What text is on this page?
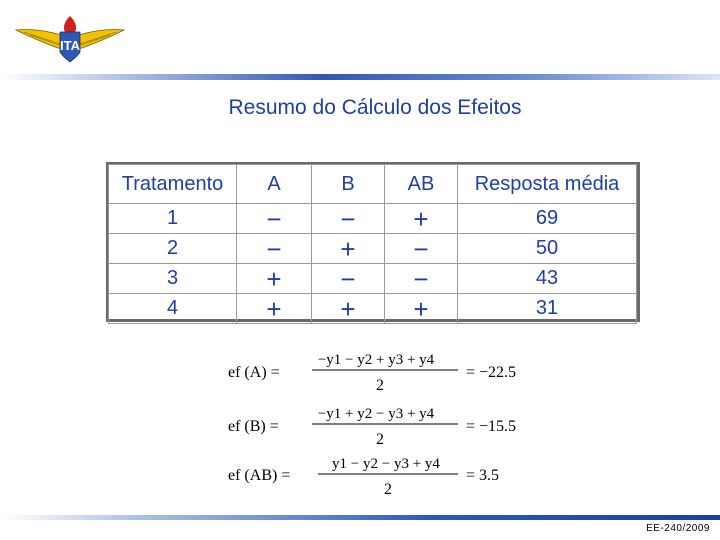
ITA
Resumo do Cálculo dos Efeitos
Tratamento	A	B	AB	Resposta média
1	−	−	+	69
2	−	+	−	50
3	+	−	−	43
4	+	+	+	31
ef (A) =
−y1 − y2 + y3 + y4
2
= −22.5
ef (B) =
−y1 + y2 − y3 + y4
2
= −15.5
ef (AB) =
y1 − y2 − y3 + y4
2
= 3.5
EE-240/2009
